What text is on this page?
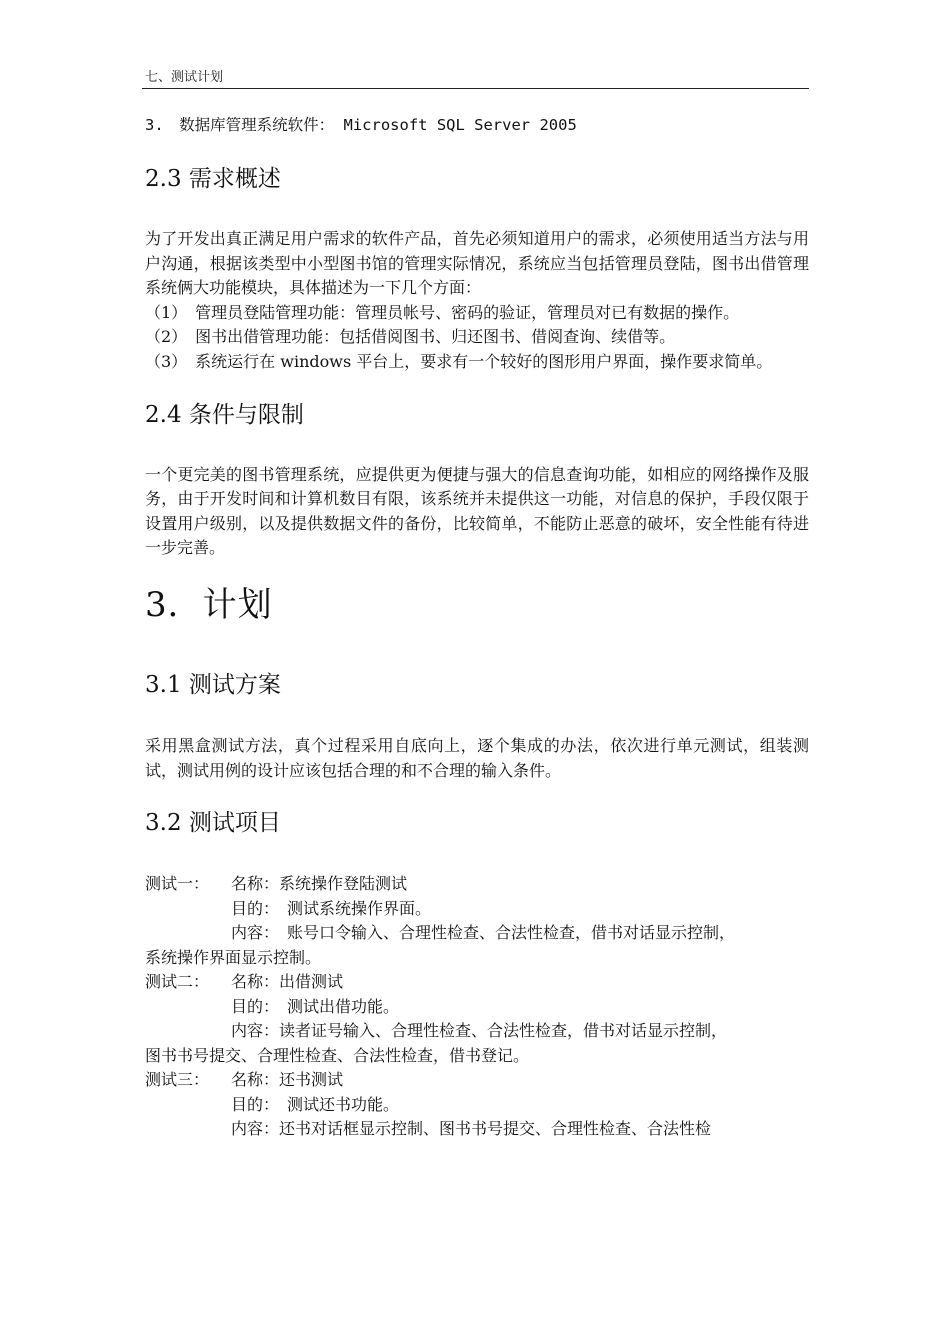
七、测试计划

3.　数据库管理系统软件： Microsoft SQL Server 2005

2.3 需求概述

为了开发出真正满足用户需求的软件产品，首先必须知道用户的需求，必须使用适当方法与用户沟通，根据该类型中小型图书馆的管理实际情况，系统应当包括管理员登陆，图书出借管理系统俩大功能模块，具体描述为一下几个方面：

（1）　管理员登陆管理功能：管理员帐号、密码的验证，管理员对已有数据的操作。

（2）　图书出借管理功能：包括借阅图书、归还图书、借阅查询、续借等。

（3）　系统运行在 windows 平台上，要求有一个较好的图形用户界面，操作要求简单。

2.4 条件与限制

一个更完美的图书管理系统，应提供更为便捷与强大的信息查询功能，如相应的网络操作及服务，由于开发时间和计算机数目有限，该系统并未提供这一功能，对信息的保护，手段仅限于设置用户级别，以及提供数据文件的备份，比较简单，不能防止恶意的破坏，安全性能有待进一步完善。

3．计划
3.1 测试方案

采用黑盒测试方法，真个过程采用自底向上，逐个集成的办法，依次进行单元测试，组装测试，测试用例的设计应该包括合理的和不合理的输入条件。

3.2 测试项目
测试一： 名称：系统操作登陆测试
目的：　测试系统操作界面。
内容：　账号口令输入、合理性检查、合法性检查，借书对话显示控制，
系统操作界面显示控制。
测试二： 名称：出借测试
目的：　测试出借功能。
内容：读者证号输入、合理性检查、合法性检查，借书对话显示控制，
图书书号提交、合理性检查、合法性检查，借书登记。
测试三： 名称：还书测试
目的：　测试还书功能。
内容：还书对话框显示控制、图书书号提交、合理性检查、合法性检
